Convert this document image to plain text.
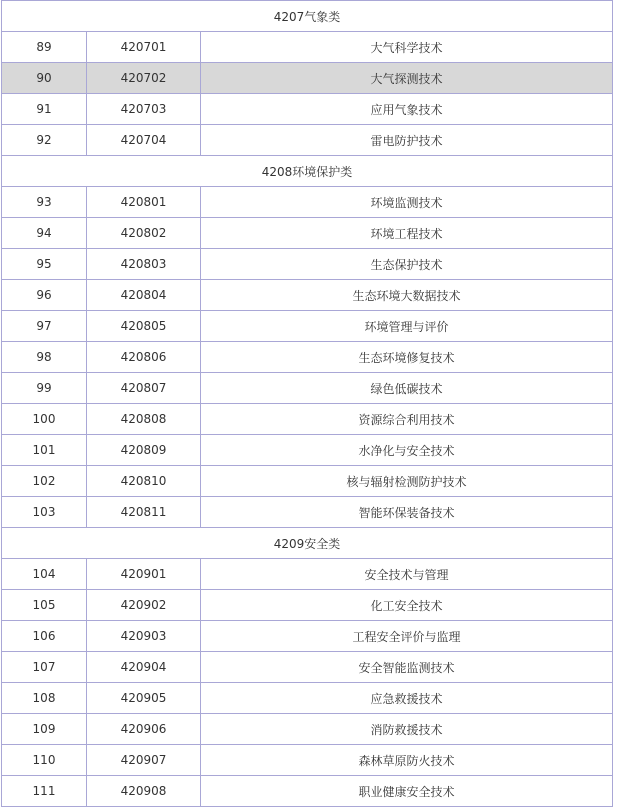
4207气象类		
89	420701	大气科学技术
90	420702	大气探测技术
91	420703	应用气象技术
92	420704	雷电防护技术
4208环境保护类		
93	420801	环境监测技术
94	420802	环境工程技术
95	420803	生态保护技术
96	420804	生态环境大数据技术
97	420805	环境管理与评价
98	420806	生态环境修复技术
99	420807	绿色低碳技术
100	420808	资源综合利用技术
101	420809	水净化与安全技术
102	420810	核与辐射检测防护技术
103	420811	智能环保装备技术
4209安全类		
104	420901	安全技术与管理
105	420902	化工安全技术
106	420903	工程安全评价与监理
107	420904	安全智能监测技术
108	420905	应急救援技术
109	420906	消防救援技术
110	420907	森林草原防火技术
111	420908	职业健康安全技术
